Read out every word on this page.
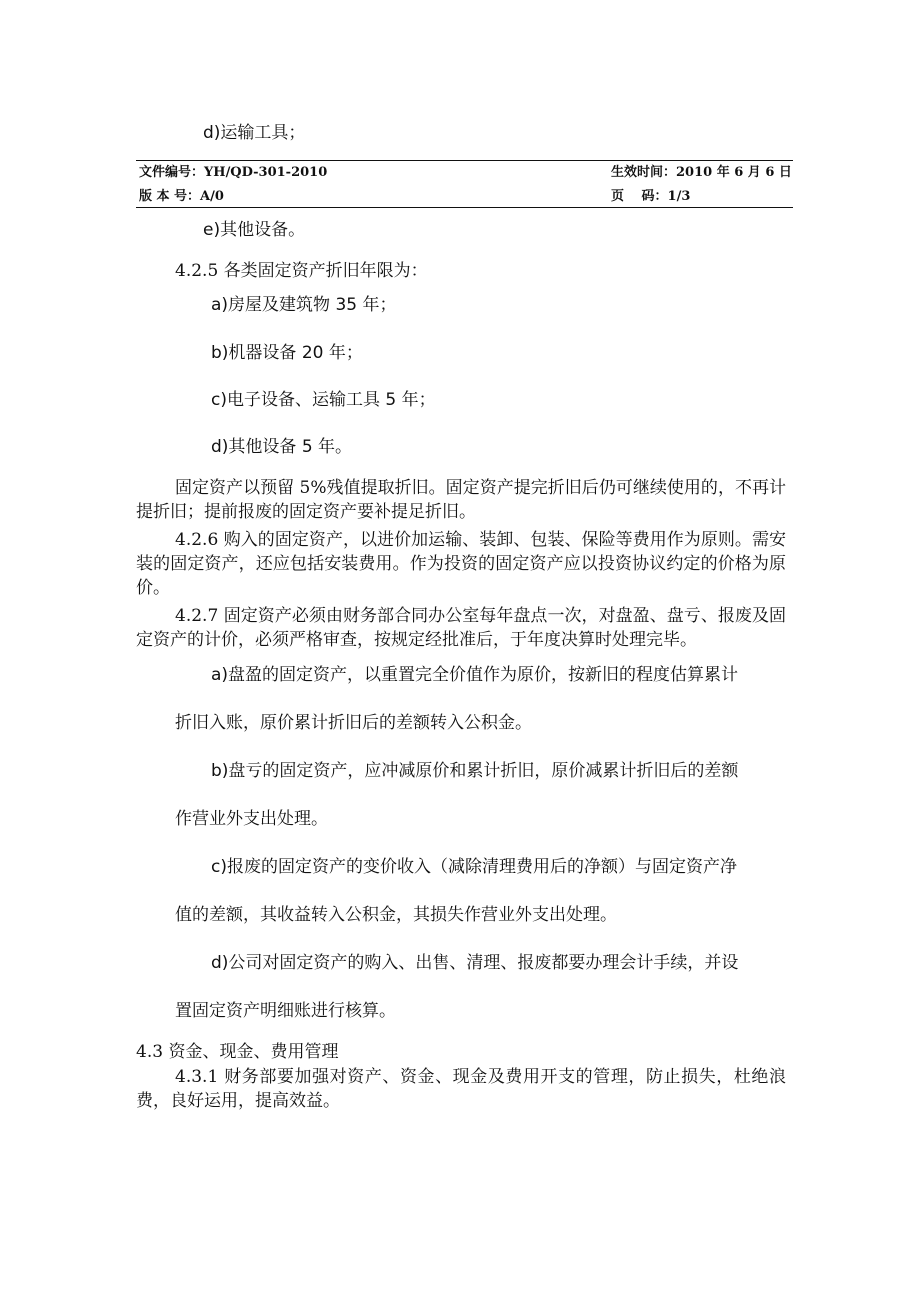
d)运输工具；
文件编号：YH/QD-301-2010	生效时间：2010 年 6 月 6 日
版 本 号：A/0	页　 码：1/3
e)其他设备。
4.2.5 各类固定资产折旧年限为：
a)房屋及建筑物 35 年；
b)机器设备 20 年；
c)电子设备、运输工具 5 年；
d)其他设备 5 年。
固定资产以预留 5%残值提取折旧。固定资产提完折旧后仍可继续使用的，不再计提折旧；提前报废的固定资产要补提足折旧。
4.2.6 购入的固定资产，以进价加运输、装卸、包装、保险等费用作为原则。需安装的固定资产，还应包括安装费用。作为投资的固定资产应以投资协议约定的价格为原价。
4.2.7 固定资产必须由财务部合同办公室每年盘点一次，对盘盈、盘亏、报废及固定资产的计价，必须严格审查，按规定经批准后，于年度决算时处理完毕。
a)盘盈的固定资产，以重置完全价值作为原价，按新旧的程度估算累计
折旧入账，原价累计折旧后的差额转入公积金。
b)盘亏的固定资产，应冲减原价和累计折旧，原价减累计折旧后的差额
作营业外支出处理。
c)报废的固定资产的变价收入（减除清理费用后的净额）与固定资产净
值的差额，其收益转入公积金，其损失作营业外支出处理。
d)公司对固定资产的购入、出售、清理、报废都要办理会计手续，并设
置固定资产明细账进行核算。
4.3 资金、现金、费用管理
4.3.1 财务部要加强对资产、资金、现金及费用开支的管理，防止损失，杜绝浪费，良好运用，提高效益。
